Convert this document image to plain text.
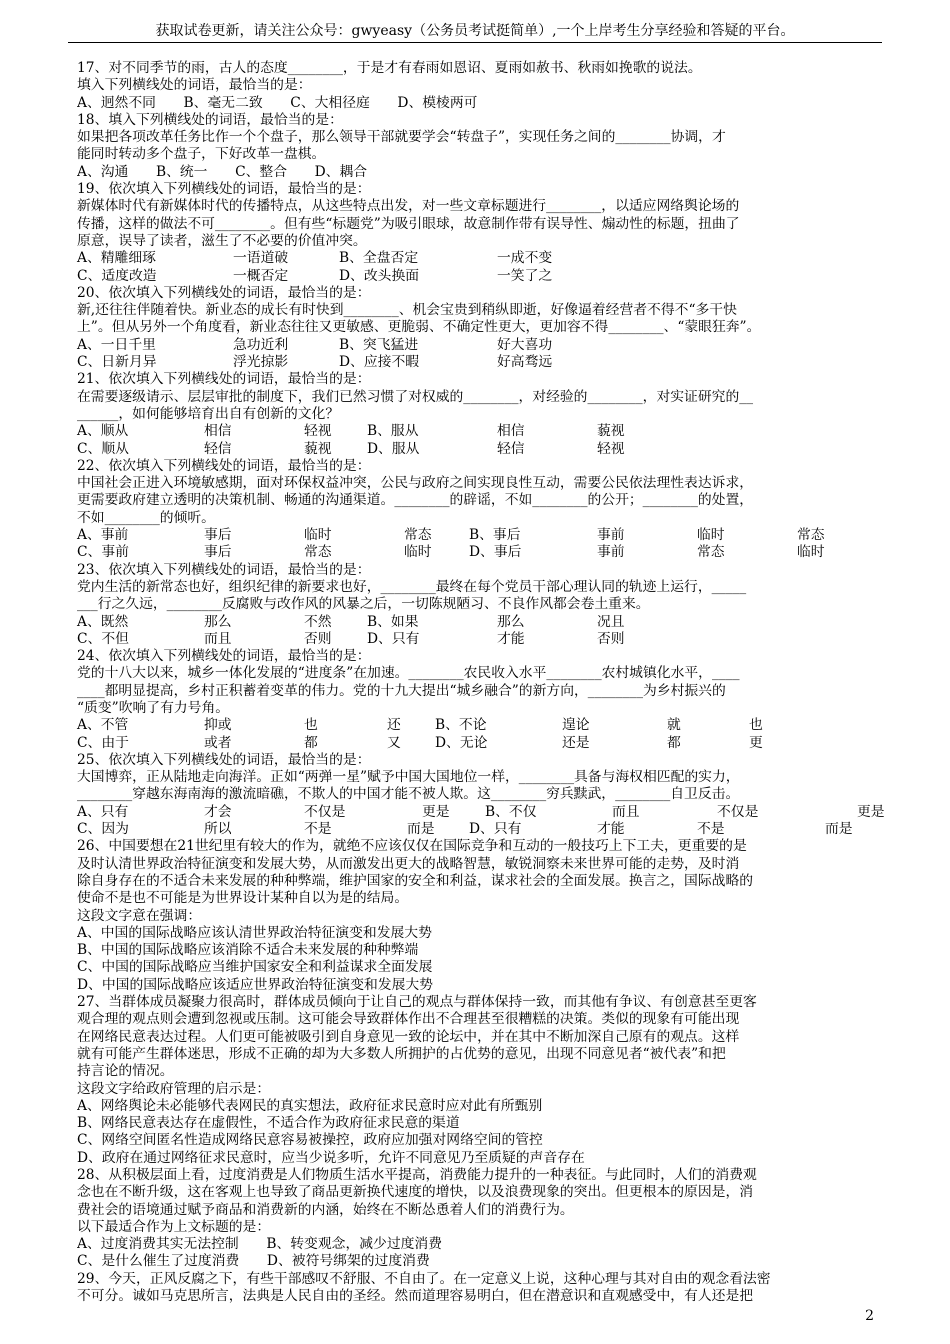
获取试卷更新，请关注公众号：gwyeasy（公务员考试挺简单）,一个上岸考生分享经验和答疑的平台。
17、对不同季节的雨，古人的态度________，于是才有春雨如恩诏、夏雨如赦书、秋雨如挽歌的说法。
填入下列横线处的词语，最恰当的是：
A、迥然不同　　B、毫无二致　　C、大相径庭　　D、模棱两可
18、填入下列横线处的词语，最恰当的是：
如果把各项改革任务比作一个个盘子，那么领导干部就要学会“转盘子”，实现任务之间的________协调，才
能同时转动多个盘子，下好改革一盘棋。
A、沟通　　B、统一　　C、整合　　D、耦合
19、依次填入下列横线处的词语，最恰当的是：
新媒体时代有新媒体时代的传播特点，从这些特点出发，对一些文章标题进行________，以适应网络舆论场的
传播，这样的做法不可________。但有些“标题党”为吸引眼球，故意制作带有误导性、煽动性的标题，扭曲了
原意，误导了读者，滋生了不必要的价值冲突。
A、精雕细琢	一语道破	B、全盘否定	一成不变
C、适度改造	一概否定	D、改头换面	一笑了之
20、依次填入下列横线处的词语，最恰当的是：
新,还往往伴随着快。新业态的成长有时快到________、机会宝贵到稍纵即逝，好像逼着经营者不得不“多干快
上”。但从另外一个角度看，新业态往往又更敏感、更脆弱、不确定性更大，更加容不得________、“蒙眼狂奔”。
A、一日千里	急功近利	B、突飞猛进	好大喜功
C、日新月异	浮光掠影	D、应接不暇	好高骛远
21、依次填入下列横线处的词语，最恰当的是：
在需要逐级请示、层层审批的制度下，我们已然习惯了对权威的________，对经验的________，对实证研究的__
______，如何能够培育出自有创新的文化？
A、顺从	相信	轻视	B、服从	相信	藐视
C、顺从	轻信	藐视	D、服从	轻信	轻视
22、依次填入下列横线处的词语，最恰当的是：
中国社会正进入环境敏感期，面对环保权益冲突，公民与政府之间实现良性互动，需要公民依法理性表达诉求，
更需要政府建立透明的决策机制、畅通的沟通渠道。________的辟谣，不如________的公开；________的处置，
不如________的倾听。
A、事前	事后	临时	常态	B、事后	事前	临时	常态
C、事前	事后	常态	临时	D、事后	事前	常态	临时
23、依次填入下列横线处的词语，最恰当的是：
党内生活的新常态也好，组织纪律的新要求也好，________最终在每个党员干部心理认同的轨迹上运行，_____
___行之久远，________反腐败与改作风的风暴之后，一切陈规陋习、不良作风都会卷土重来。
A、既然	那么	不然	B、如果	那么	况且
C、不但	而且	否则	D、只有	才能	否则
24、依次填入下列横线处的词语，最恰当的是：
党的十八大以来，城乡一体化发展的“进度条”在加速。________农民收入水平________农村城镇化水平，____
____都明显提高，乡村正积蓄着变革的伟力。党的十九大提出“城乡融合”的新方向，________为乡村振兴的
“质变”吹响了有力号角。
A、不管	抑或	也	还 B、不论	遑论	就	也
C、由于	或者	都	又 D、无论	还是	都	更
25、依次填入下列横线处的词语，最恰当的是：
大国博弈，正从陆地走向海洋。正如“两弹一星”赋予中国大国地位一样，________具备与海权相匹配的实力，
________穿越东海南海的激流暗礁，不欺人的中国才能不被人欺。这________穷兵黩武，________自卫反击。
A、只有	才会	不仅是	更是	B、不仅	而且	不仅是	更是
C、因为	所以	不是	而是 D、只有	才能	不是	而是
26、中国要想在21世纪里有较大的作为，就绝不应该仅仅在国际竞争和互动的一般技巧上下工夫，更重要的是
及时认清世界政治特征演变和发展大势，从而激发出更大的战略智慧，敏锐洞察未来世界可能的走势，及时消
除自身存在的不适合未来发展的种种弊端，维护国家的安全和利益，谋求社会的全面发展。换言之，国际战略的
使命不是也不可能是为世界设计某种自以为是的结局。
这段文字意在强调：
A、中国的国际战略应该认清世界政治特征演变和发展大势
B、中国的国际战略应该消除不适合未来发展的种种弊端
C、中国的国际战略应当维护国家安全和利益谋求全面发展
D、中国的国际战略应该适应世界政治特征演变和发展大势
27、当群体成员凝聚力很高时，群体成员倾向于让自己的观点与群体保持一致，而其他有争议、有创意甚至更客
观合理的观点则会遭到忽视或压制。这可能会导致群体作出不合理甚至很糟糕的决策。类似的现象有可能出现
在网络民意表达过程。人们更可能被吸引到自身意见一致的论坛中，并在其中不断加深自己原有的观点。这样
就有可能产生群体迷思，形成不正确的却为大多数人所拥护的占优势的意见，出现不同意见者“被代表”和把
持言论的情况。
这段文字给政府管理的启示是：
A、网络舆论未必能够代表网民的真实想法，政府征求民意时应对此有所甄别
B、网络民意表达存在虚假性，不适合作为政府征求民意的渠道
C、网络空间匿名性造成网络民意容易被操控，政府应加强对网络空间的管控
D、政府在通过网络征求民意时，应当少说多听，允许不同意见乃至质疑的声音存在
28、从积极层面上看，过度消费是人们物质生活水平提高，消费能力提升的一种表征。与此同时，人们的消费观
念也在不断升级，这在客观上也导致了商品更新换代速度的增快，以及浪费现象的突出。但更根本的原因是，消
费社会的语境通过赋予商品和消费新的内涵，始终在不断怂恿着人们的消费行为。
以下最适合作为上文标题的是：
A、过度消费其实无法控制　　B、转变观念，减少过度消费
C、是什么催生了过度消费　　D、被符号绑架的过度消费
29、今天，正风反腐之下，有些干部感叹不舒服、不自由了。在一定意义上说，这种心理与其对自由的观念看法密
不可分。诚如马克思所言，法典是人民自由的圣经。然而道理容易明白，但在潜意识和直观感受中，有人还是把
2
